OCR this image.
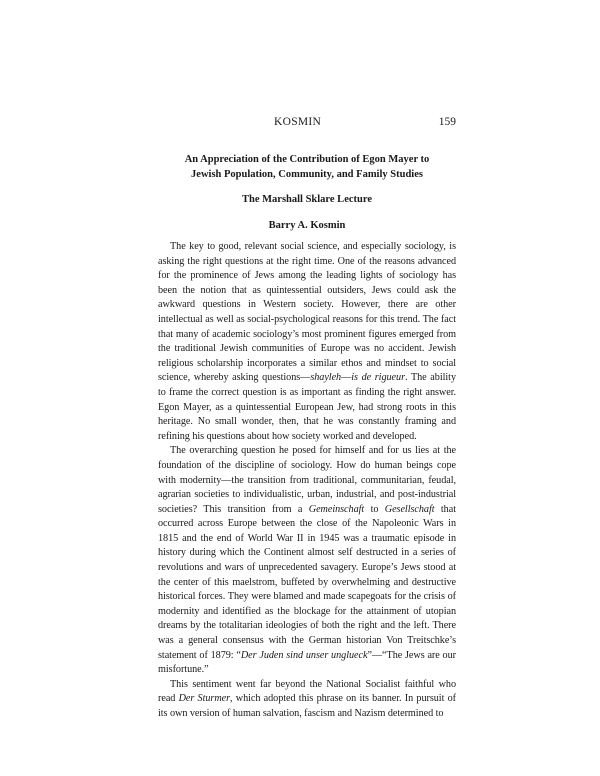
KOSMIN	159
An Appreciation of the Contribution of Egon Mayer to
Jewish Population, Community, and Family Studies
The Marshall Sklare Lecture
Barry A. Kosmin

The key to good, relevant social science, and especially sociology, is asking the right questions at the right time. One of the reasons advanced for the prominence of Jews among the leading lights of sociology has been the notion that as quintessential outsiders, Jews could ask the awkward questions in Western society. However, there are other intellectual as well as social-psychological reasons for this trend. The fact that many of academic sociology’s most prominent figures emerged from the traditional Jewish communities of Europe was no accident. Jewish religious scholarship incorporates a similar ethos and mindset to social science, whereby asking questions—shayleh—is de rigueur. The ability to frame the correct question is as important as finding the right answer. Egon Mayer, as a quintessential European Jew, had strong roots in this heritage. No small wonder, then, that he was constantly framing and refining his questions about how society worked and developed.

The overarching question he posed for himself and for us lies at the foundation of the discipline of sociology. How do human beings cope with modernity—the transition from traditional, communitarian, feudal, agrarian societies to individualistic, urban, industrial, and post-industrial societies? This transition from a Gemeinschaft to Gesellschaft that occurred across Europe between the close of the Napoleonic Wars in 1815 and the end of World War II in 1945 was a traumatic episode in history during which the Continent almost self destructed in a series of revolutions and wars of unprecedented savagery. Europe’s Jews stood at the center of this maelstrom, buffeted by overwhelming and destructive historical forces. They were blamed and made scapegoats for the crisis of modernity and identified as the blockage for the attainment of utopian dreams by the totalitarian ideologies of both the right and the left. There was a general consensus with the German historian Von Treitschke’s statement of 1879: “Der Juden sind unser unglueck”—“The Jews are our misfortune.”

This sentiment went far beyond the National Socialist faithful who read Der Sturmer, which adopted this phrase on its banner. In pursuit of its own version of human salvation, fascism and Nazism determined to
